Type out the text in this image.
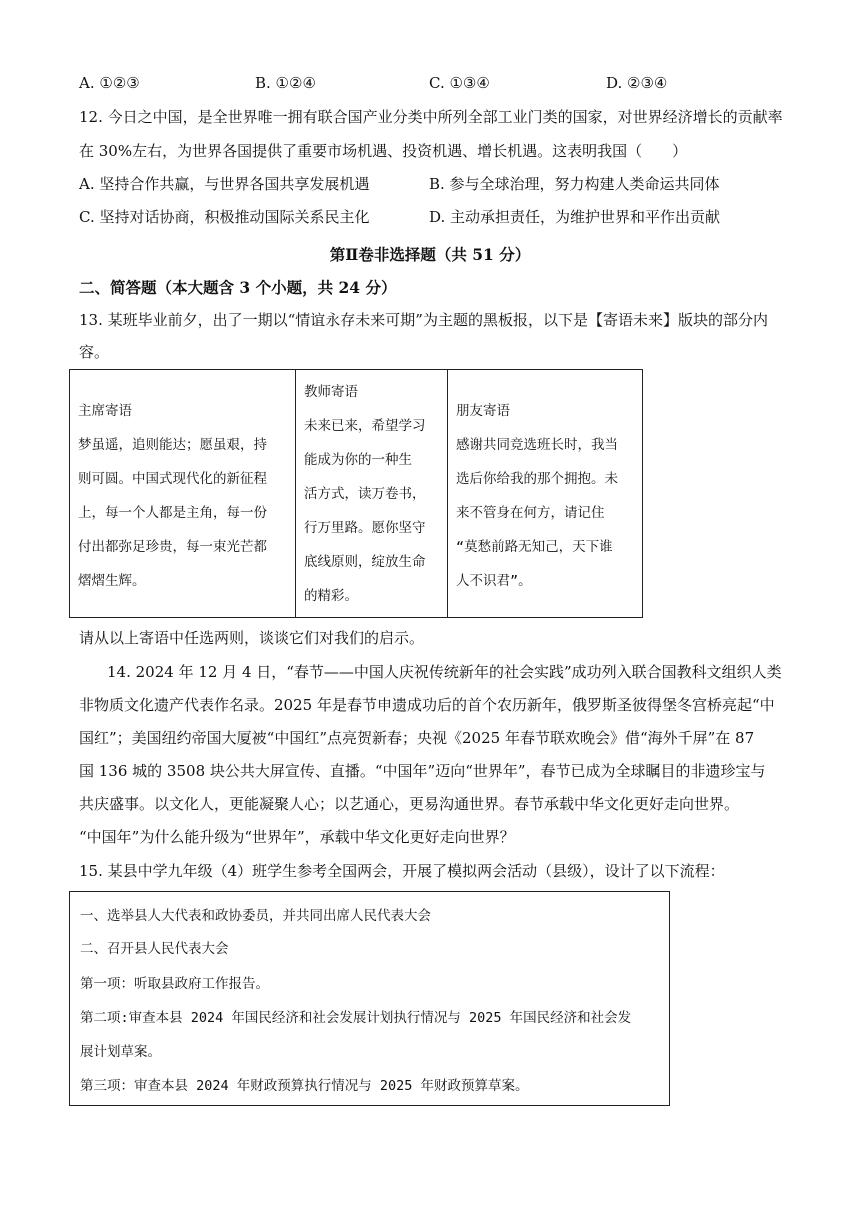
A. ①②③	B. ①②④	C. ①③④	D. ②③④
12. 今日之中国，是全世界唯一拥有联合国产业分类中所列全部工业门类的国家，对世界经济增长的贡献率
在 30%左右，为世界各国提供了重要市场机遇、投资机遇、增长机遇。这表明我国（　　）
A. 坚持合作共赢，与世界各国共享发展机遇	B. 参与全球治理，努力构建人类命运共同体
C. 坚持对话协商，积极推动国际关系民主化	D. 主动承担责任，为维护世界和平作出贡献
第Ⅱ卷非选择题（共 51 分）
二、简答题（本大题含 3 个小题，共 24 分）
13. 某班毕业前夕，出了一期以“情谊永存未来可期”为主题的黑板报，以下是【寄语未来】版块的部分内
容。
主席寄语
梦虽遥，追则能达；愿虽艰，持
则可圆。中国式现代化的新征程
上，每一个人都是主角，每一份
付出都弥足珍贵，每一束光芒都
熠熠生辉。

教师寄语
未来已来，希望学习
能成为你的一种生
活方式，读万卷书，
行万里路。愿你坚守
底线原则，绽放生命
的精彩。

朋友寄语
感谢共同竞选班长时，我当
选后你给我的那个拥抱。未
来不管身在何方，请记住
“莫愁前路无知己，天下谁
人不识君”。
请从以上寄语中任选两则，谈谈它们对我们的启示。
14. 2024 年 12 月 4 日，“春节——中国人庆祝传统新年的社会实践”成功列入联合国教科文组织人类
非物质文化遗产代表作名录。2025 年是春节申遗成功后的首个农历新年，俄罗斯圣彼得堡冬宫桥亮起“中
国红”；美国纽约帝国大厦被“中国红”点亮贺新春；央视《2025 年春节联欢晚会》借“海外千屏”在 87
国 136 城的 3508 块公共大屏宣传、直播。“中国年”迈向“世界年”，春节已成为全球瞩目的非遗珍宝与
共庆盛事。以文化人，更能凝聚人心；以艺通心，更易沟通世界。春节承载中华文化更好走向世界。
“中国年”为什么能升级为“世界年”，承载中华文化更好走向世界？
15. 某县中学九年级（4）班学生参考全国两会，开展了模拟两会活动（县级），设计了以下流程：
一、选举县人大代表和政协委员，并共同出席人民代表大会
二、召开县人民代表大会
第一项：听取县政府工作报告。
第二项:审查本县 2024 年国民经济和社会发展计划执行情况与 2025 年国民经济和社会发
展计划草案。
第三项：审查本县 2024 年财政预算执行情况与 2025 年财政预算草案。
